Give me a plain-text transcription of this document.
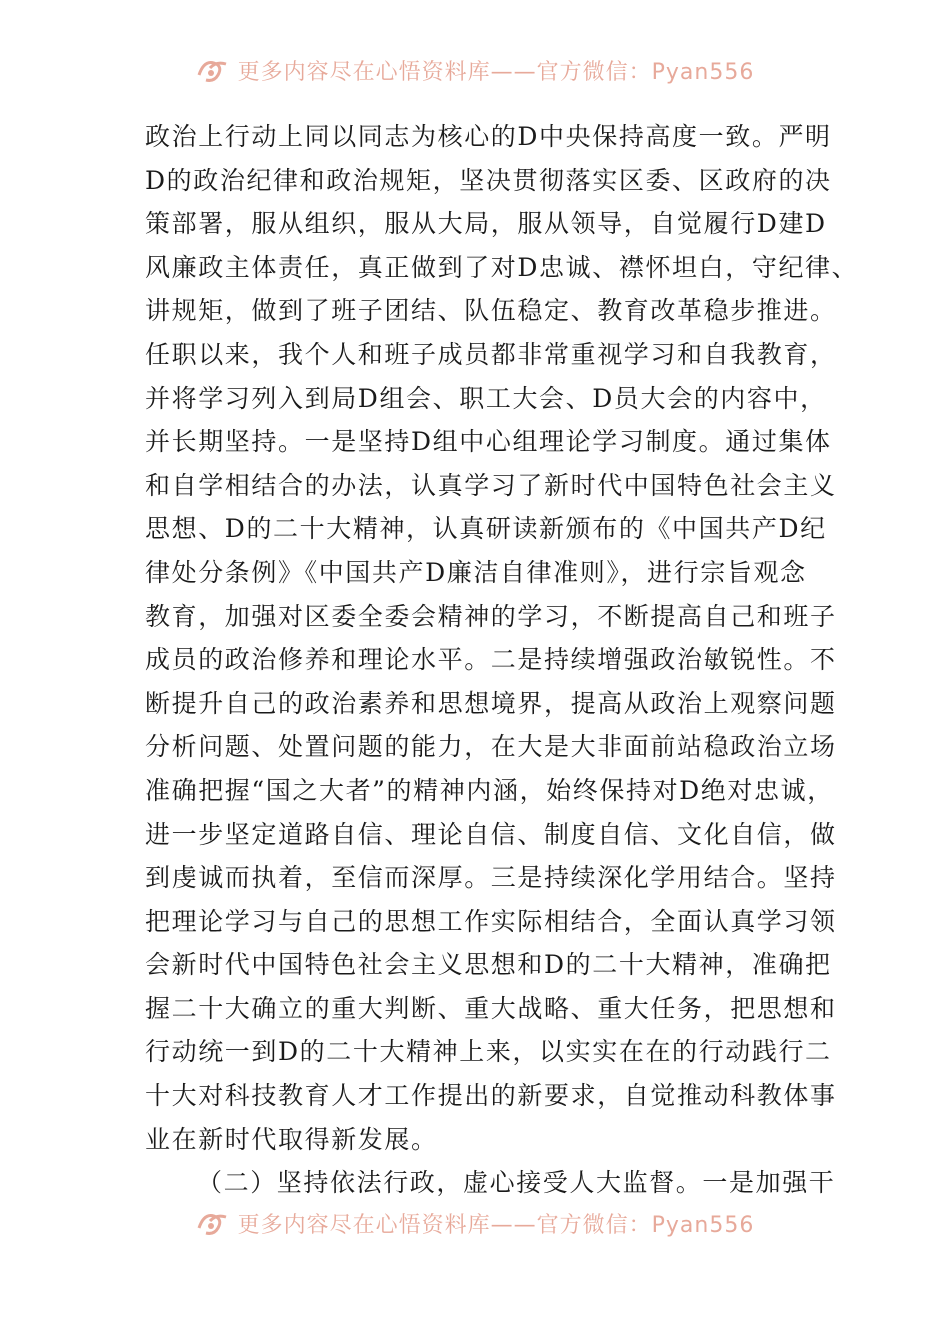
更多内容尽在心悟资料库——官方微信：Pyan556
政治上行动上同以同志为核心的D中央保持高度一致。严明
D的政治纪律和政治规矩，坚决贯彻落实区委、区政府的决
策部署，服从组织，服从大局，服从领导，自觉履行D建D
风廉政主体责任，真正做到了对D忠诚、襟怀坦白，守纪律、
讲规矩，做到了班子团结、队伍稳定、教育改革稳步推进。
任职以来，我个人和班子成员都非常重视学习和自我教育，
并将学习列入到局D组会、职工大会、D员大会的内容中，
并长期坚持。一是坚持D组中心组理论学习制度。通过集体
和自学相结合的办法，认真学习了新时代中国特色社会主义
思想、D的二十大精神，认真研读新颁布的《中国共产D纪
律处分条例》《中国共产D廉洁自律准则》，进行宗旨观念
教育，加强对区委全委会精神的学习，不断提高自己和班子
成员的政治修养和理论水平。二是持续增强政治敏锐性。不
断提升自己的政治素养和思想境界，提高从政治上观察问题
分析问题、处置问题的能力，在大是大非面前站稳政治立场
准确把握“国之大者”的精神内涵，始终保持对D绝对忠诚，
进一步坚定道路自信、理论自信、制度自信、文化自信，做
到虔诚而执着，至信而深厚。三是持续深化学用结合。坚持
把理论学习与自己的思想工作实际相结合，全面认真学习领
会新时代中国特色社会主义思想和D的二十大精神，准确把
握二十大确立的重大判断、重大战略、重大任务，把思想和
行动统一到D的二十大精神上来，以实实在在的行动践行二
十大对科技教育人才工作提出的新要求，自觉推动科教体事
业在新时代取得新发展。
（二）坚持依法行政，虚心接受人大监督。一是加强干
更多内容尽在心悟资料库——官方微信：Pyan556
